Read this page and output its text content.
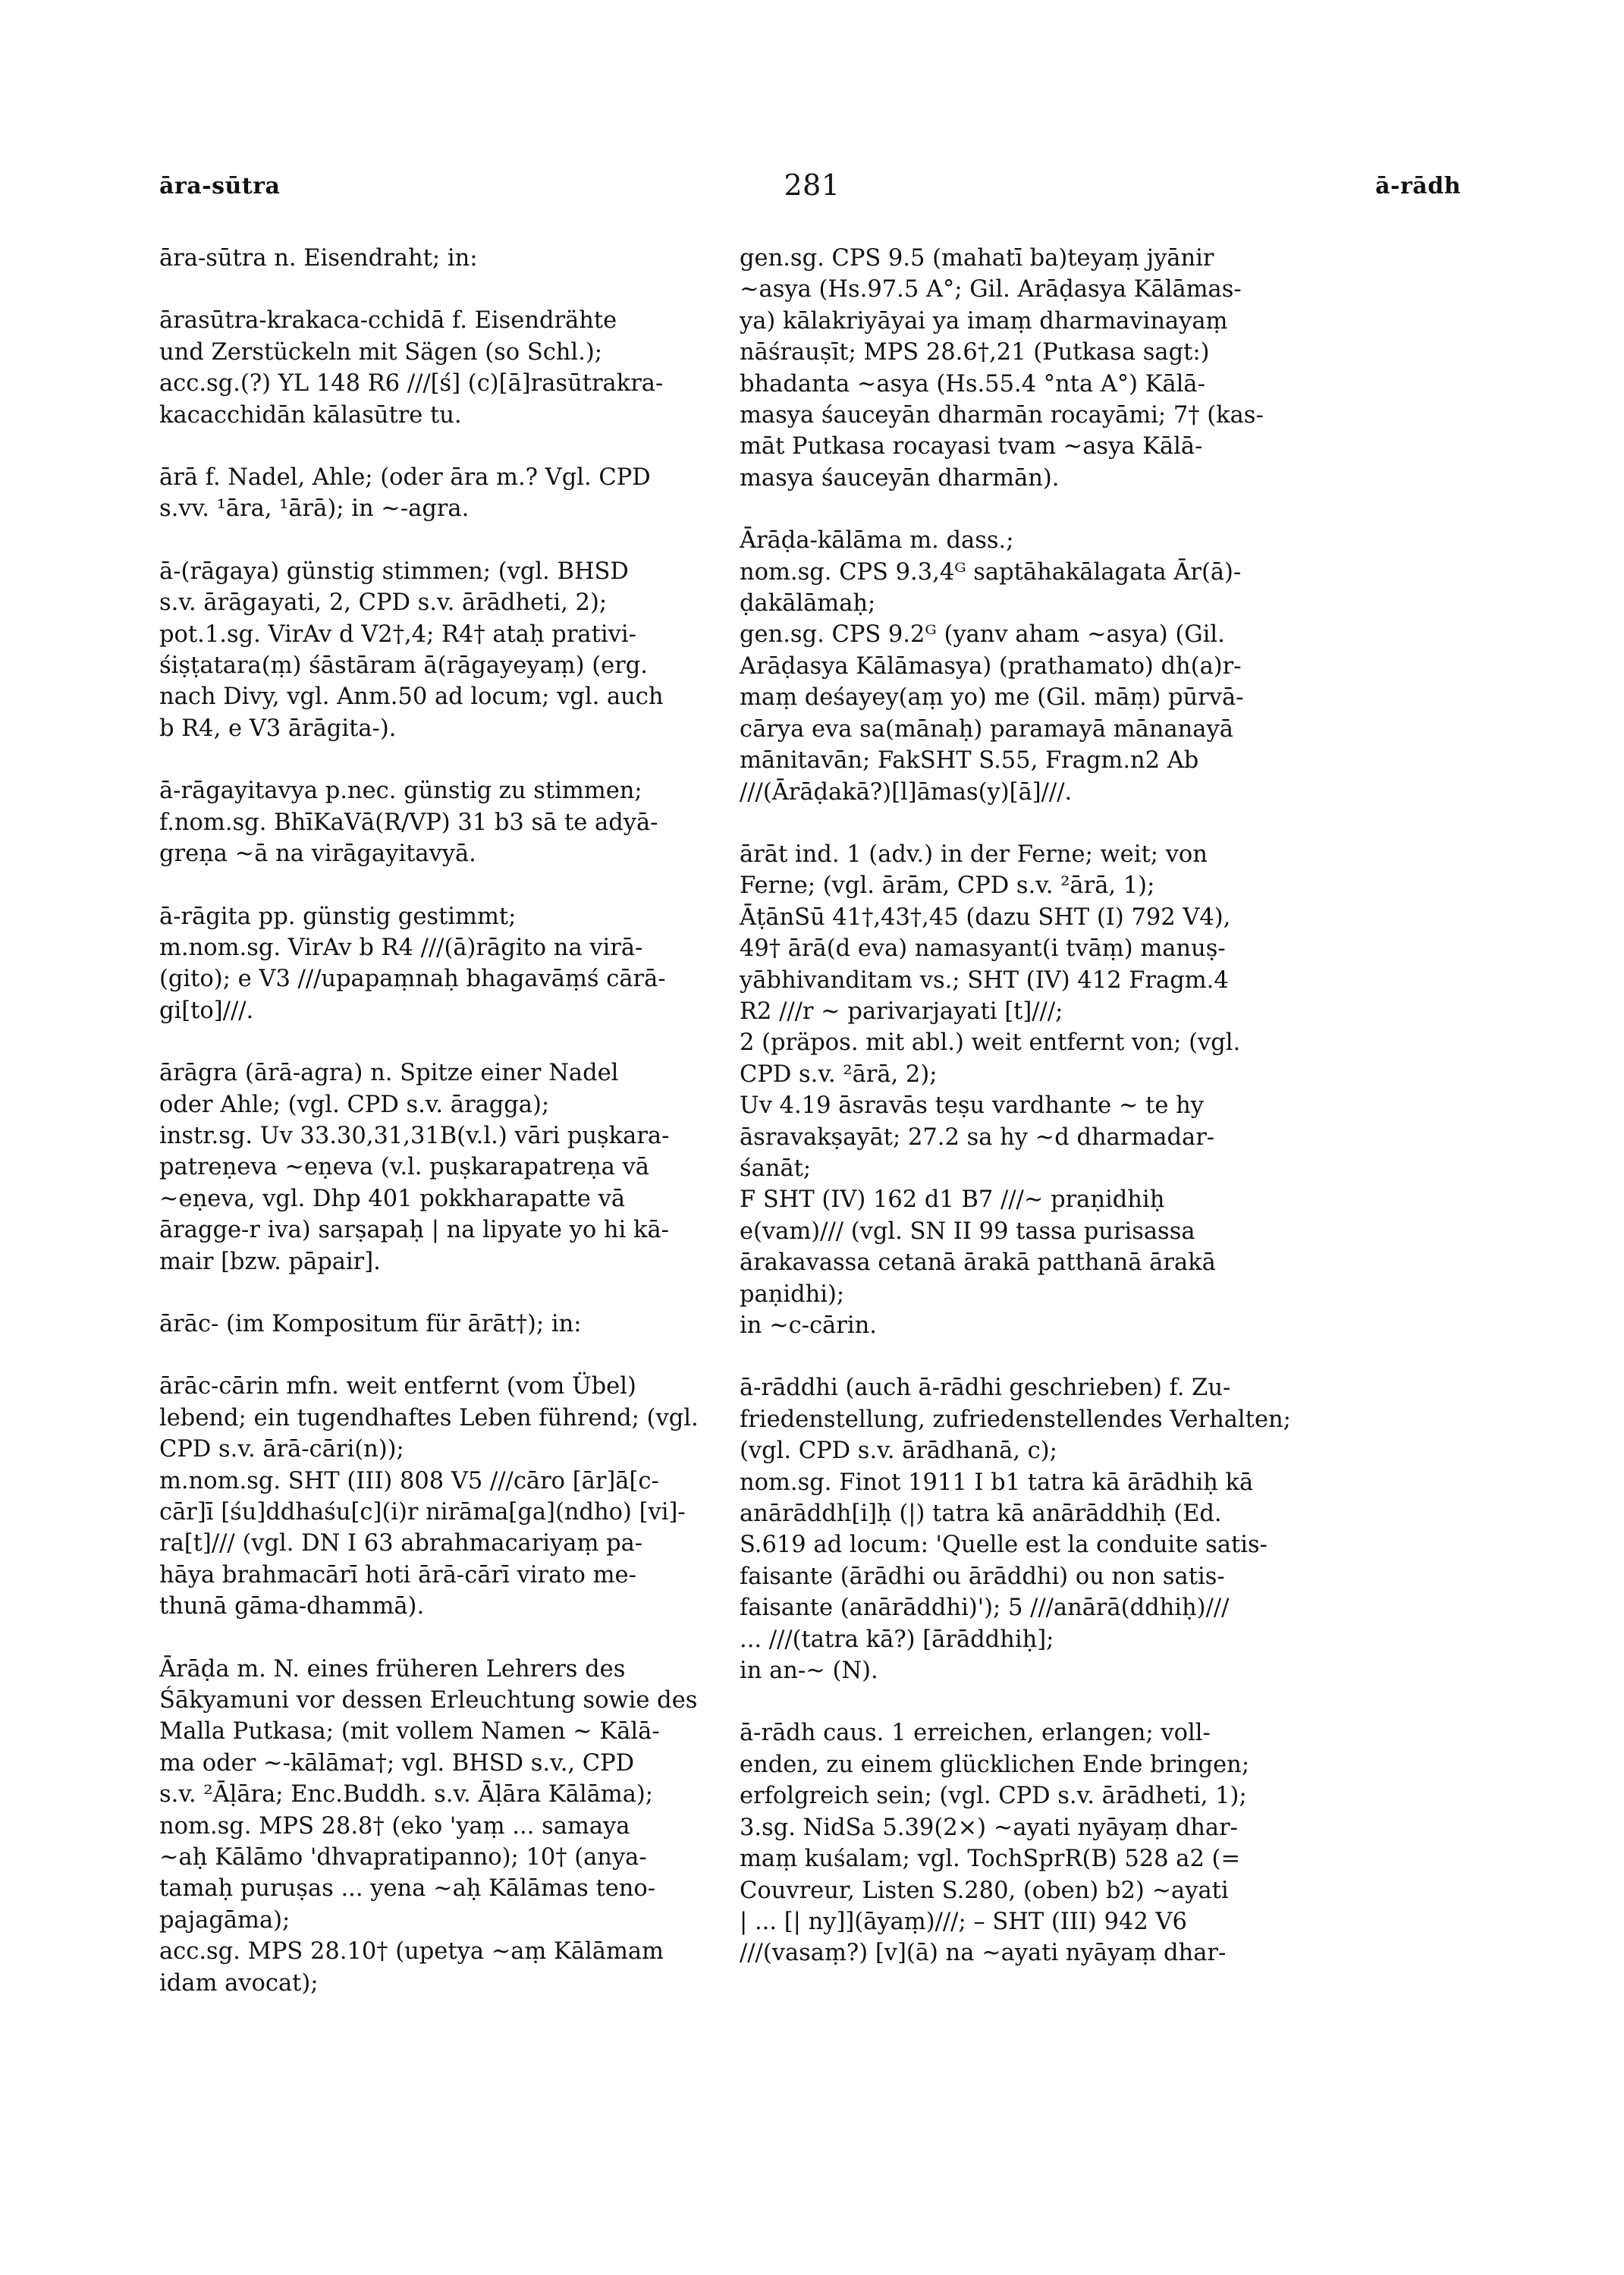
āra-sūtra	281	ā-rādh
āra-sūtra n. Eisendraht; in:
ārasūtra-krakaca-cchidā f. Eisendrähte
und Zerstückeln mit Sägen (so Schl.);
acc.sg.(?) YL 148 R6 ///[ś] (c)[ā]rasūtrakra-
kacacchidān kālasūtre tu.
ārā f. Nadel, Ahle; (oder āra m.? Vgl. CPD
s.vv. ¹āra, ¹ārā); in ~-agra.
ā-(rāgaya) günstig stimmen; (vgl. BHSD
s.v. ārāgayati, 2, CPD s.v. ārādheti, 2);
pot.1.sg. VirAv d V2†,4; R4† ataḥ prativi-
śiṣṭatara(ṃ) śāstāram ā(rāgayeyaṃ) (erg.
nach Divy, vgl. Anm.50 ad locum; vgl. auch
b R4, e V3 ārāgita-).
ā-rāgayitavya p.nec. günstig zu stimmen;
f.nom.sg. BhīKaVā(R/VP) 31 b3 sā te adyā-
greṇa ~ā na virāgayitavyā.
ā-rāgita pp. günstig gestimmt;
m.nom.sg. VirAv b R4 ///(ā)rāgito na virā-
(gito); e V3 ///upapaṃnaḥ bhagavāṃś cārā-
gi[to]///.
ārāgra (ārā-agra) n. Spitze einer Nadel
oder Ahle; (vgl. CPD s.v. āragga);
instr.sg. Uv 33.30,31,31B(v.l.) vāri puṣkara-
patreṇeva ~eṇeva (v.l. puṣkarapatreṇa vā
~eṇeva, vgl. Dhp 401 pokkharapatte vā
āragge-r iva) sarṣapaḥ | na lipyate yo hi kā-
mair [bzw. pāpair].
ārāc- (im Kompositum für ārāt†); in:
ārāc-cārin mfn. weit entfernt (vom Übel)
lebend; ein tugendhaftes Leben führend; (vgl.
CPD s.v. ārā-cāri(n));
m.nom.sg. SHT (III) 808 V5 ///cāro [ār]ā[c-
cār]ī [śu]ddhaśu[c](i)r nirāma[ga](ndho) [vi]-
ra[t]/// (vgl. DN I 63 abrahmacariyaṃ pa-
hāya brahmacārī hoti ārā-cārī virato me-
thunā gāma-dhammā).
Ārāḍa m. N. eines früheren Lehrers des
Śākyamuni vor dessen Erleuchtung sowie des
Malla Putkasa; (mit vollem Namen ~ Kālā-
ma oder ~-kālāma†; vgl. BHSD s.v., CPD
s.v. ²Āḷāra; Enc.Buddh. s.v. Āḷāra Kālāma);
nom.sg. MPS 28.8† (eko 'yaṃ ... samaya
~aḥ Kālāmo 'dhvapratipanno); 10† (anya-
tamaḥ puruṣas ... yena ~aḥ Kālāmas teno-
pajagāma);
acc.sg. MPS 28.10† (upetya ~aṃ Kālāmam
idam avocat);
gen.sg. CPS 9.5 (mahatī ba)teyaṃ jyānir
~asya (Hs.97.5 A°; Gil. Arāḍasya Kālāmas-
ya) kālakriyāyai ya imaṃ dharmavinayaṃ
nāśrauṣīt; MPS 28.6†,21 (Putkasa sagt:)
bhadanta ~asya (Hs.55.4 °nta A°) Kālā-
masya śauceyān dharmān rocayāmi; 7† (kas-
māt Putkasa rocayasi tvam ~asya Kālā-
masya śauceyān dharmān).
Ārāḍa-kālāma m. dass.;
nom.sg. CPS 9.3,4ᴳ saptāhakālagata Ār(ā)-
ḍakālāmaḥ;
gen.sg. CPS 9.2ᴳ (yanv aham ~asya) (Gil.
Arāḍasya Kālāmasya) (prathamato) dh(a)r-
maṃ deśayey(aṃ yo) me (Gil. māṃ) pūrvā-
cārya eva sa(mānaḥ) paramayā mānanayā
mānitavān; FakSHT S.55, Fragm.n2 Ab
///(Ārāḍakā?)[l]āmas(y)[ā]///.
ārāt ind. 1 (adv.) in der Ferne; weit; von
Ferne; (vgl. ārām, CPD s.v. ²ārā, 1);
ĀṭānSū 41†,43†,45 (dazu SHT (I) 792 V4),
49† ārā(d eva) namasyant(i tvāṃ) manuṣ-
yābhivanditam vs.; SHT (IV) 412 Fragm.4
R2 ///r ~ parivarjayati [t]///;
2 (präpos. mit abl.) weit entfernt von; (vgl.
CPD s.v. ²ārā, 2);
Uv 4.19 āsravās teṣu vardhante ~ te hy
āsravakṣayāt; 27.2 sa hy ~d dharmadar-
śanāt;
F SHT (IV) 162 d1 B7 ///~ praṇidhiḥ
e(vam)/// (vgl. SN II 99 tassa purisassa
ārakavassa cetanā ārakā patthanā ārakā
paṇidhi);
in ~c-cārin.
ā-rāddhi (auch ā-rādhi geschrieben) f. Zu-
friedenstellung, zufriedenstellendes Verhalten;
(vgl. CPD s.v. ārādhanā, c);
nom.sg. Finot 1911 I b1 tatra kā ārādhiḥ kā
anārāddh[i]ḥ (|) tatra kā anārāddhiḥ (Ed.
S.619 ad locum: 'Quelle est la conduite satis-
faisante (ārādhi ou ārāddhi) ou non satis-
faisante (anārāddhi)'); 5 ///anārā(ddhiḥ)///
... ///(tatra kā?) [ārāddhiḥ];
in an-~ (N).
ā-rādh caus. 1 erreichen, erlangen; voll-
enden, zu einem glücklichen Ende bringen;
erfolgreich sein; (vgl. CPD s.v. ārādheti, 1);
3.sg. NidSa 5.39(2×) ~ayati nyāyaṃ dhar-
maṃ kuśalam; vgl. TochSprR(B) 528 a2 (=
Couvreur, Listen S.280, (oben) b2) ~ayati
| ... [| ny]](āyaṃ)///; – SHT (III) 942 V6
///(vasaṃ?) [v](ā) na ~ayati nyāyaṃ dhar-
